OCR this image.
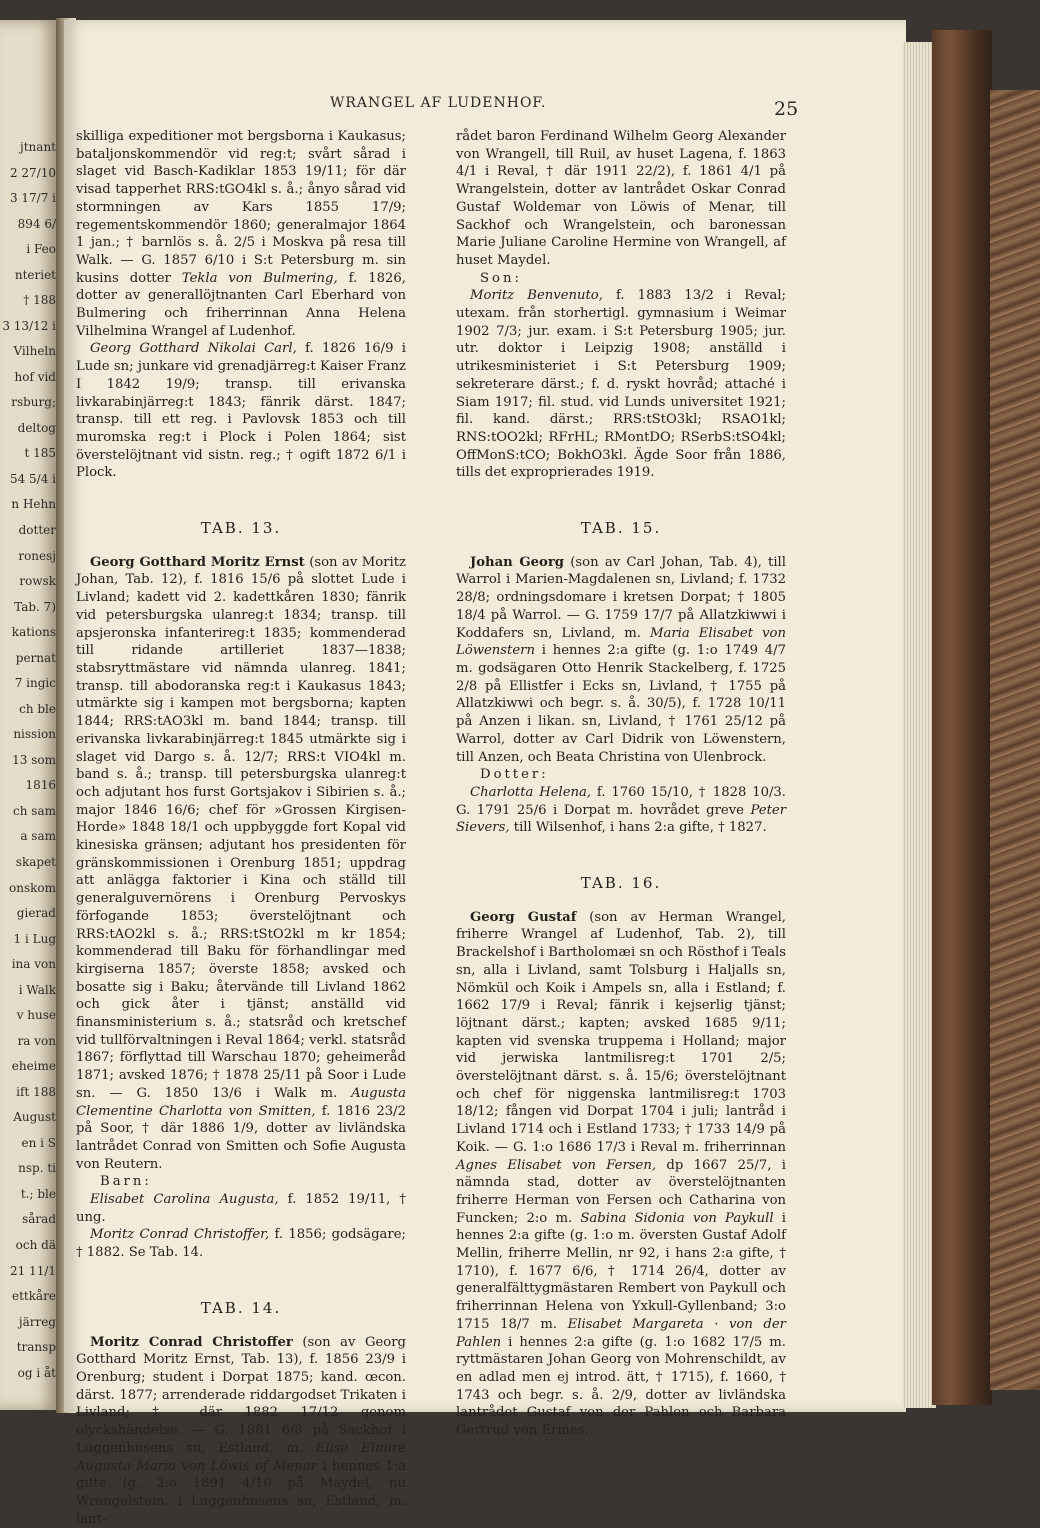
jtnant
2 27/10
3 17/7 i
894 6/
i Feo
nteriet
† 188
3 13/12 i
Vilheln
hof vid
rsburg;
deltog
t 185
54 5/4 i
n Hehn
dotter
ronesj
rowsk
Tab. 7)
kations
pernat
7 ingic
ch ble
nission
13 som
1816
ch sam
a sam
skapet
onskom
gierad
1 i Lug
ina von
i Walk
v huse
ra von
eheime
ift 188
August
en i S
nsp. ti
t.; ble
sårad
och dä
21 11/1
ettkåre
järreg
transp
og i åt
WRANGEL AF LUDENHOF.	25

skilliga expeditioner mot bergsborna i Kaukasus; bataljonskommendör vid reg:t; svårt sårad i slaget vid Basch-Kadiklar 1853 19/11; för där visad tapperhet RRS:tGO4kl s. å.; ånyo sårad vid stormningen av Kars 1855 17/9; regementskommendör 1860; generalmajor 1864 1 jan.; † barnlös s. å. 2/5 i Moskva på resa till Walk. — G. 1857 6/10 i S:t Petersburg m. sin kusins dotter Tekla von Bulmering, f. 1826, dotter av generallöjtnanten Carl Eberhard von Bulmering och friherrinnan Anna Helena Vilhelmina Wrangel af Ludenhof.

Georg Gotthard Nikolai Carl, f. 1826 16/9 i Lude sn; junkare vid grenadjärreg:t Kaiser Franz I 1842 19/9; transp. till erivanska livkarabinjärreg:t 1843; fänrik därst. 1847; transp. till ett reg. i Pavlovsk 1853 och till muromska reg:t i Plock i Polen 1864; sist överstelöjtnant vid sistn. reg.; † ogift 1872 6/1 i Plock.

TAB. 13.

Georg Gotthard Moritz Ernst (son av Moritz Johan, Tab. 12), f. 1816 15/6 på slottet Lude i Livland; kadett vid 2. kadettkåren 1830; fänrik vid petersburgska ulanreg:t 1834; transp. till apsjeronska infanterireg:t 1835; kommenderad till ridande artilleriet 1837—1838; stabsryttmästare vid nämnda ulanreg. 1841; transp. till abodoranska reg:t i Kaukasus 1843; utmärkte sig i kampen mot bergsborna; kapten 1844; RRS:tAO3kl m. band 1844; transp. till erivanska livkarabinjärreg:t 1845 utmärkte sig i slaget vid Dargo s. å. 12/7; RRS:t VIO4kl m. band s. å.; transp. till petersburgska ulanreg:t och adjutant hos furst Gortsjakov i Sibirien s. å.; major 1846 16/6; chef för »Grossen Kirgisen-Horde» 1848 18/1 och uppbyggde fort Kopal vid kinesiska gränsen; adjutant hos presidenten för gränskommissionen i Orenburg 1851; uppdrag att anlägga faktorier i Kina och ställd till generalguvernörens i Orenburg Pervoskys förfogande 1853; överstelöjtnant och RRS:tAO2kl s. å.; RRS:tStO2kl m kr 1854; kommenderad till Baku för förhandlingar med kirgiserna 1857; överste 1858; avsked och bosatte sig i Baku; återvände till Livland 1862 och gick åter i tjänst; anställd vid finansministerium s. å.; statsråd och kretschef vid tullförvaltningen i Reval 1864; verkl. statsråd 1867; förflyttad till Warschau 1870; geheimeråd 1871; avsked 1876; † 1878 25/11 på Soor i Lude sn. — G. 1850 13/6 i Walk m. Augusta Clementine Charlotta von Smitten, f. 1816 23/2 på Soor, † där 1886 1/9, dotter av livländska lantrådet Conrad von Smitten och Sofie Augusta von Reutern.

Barn:

Elisabet Carolina Augusta, f. 1852 19/11, † ung.

Moritz Conrad Christoffer, f. 1856; godsägare; † 1882. Se Tab. 14.

TAB. 14.

Moritz Conrad Christoffer (son av Georg Gotthard Moritz Ernst, Tab. 13), f. 1856 23/9 i Orenburg; student i Dorpat 1875; kand. œcon. därst. 1877; arrenderade riddargodset Trikaten i Livland; † där 1882 17/12 genom olyckshändelse. — G. 1881 6/8 på Sackhof i Luggenhusens sn, Estland, m. Elise Elmire Augusta Maria von Löwis of Menar i hennes 1:a gifte (g. 2:o 1891 4/10 på Maydel, nu Wrangelstein, i Luggenhusens sn, Estland, m. lant-

rådet baron Ferdinand Wilhelm Georg Alexander von Wrangell, till Ruil, av huset Lagena, f. 1863 4/1 i Reval, † där 1911 22/2), f. 1861 4/1 på Wrangelstein, dotter av lantrådet Oskar Conrad Gustaf Woldemar von Löwis of Menar, till Sackhof och Wrangelstein, och baronessan Marie Juliane Caroline Hermine von Wrangell, af huset Maydel.

Son:

Moritz Benvenuto, f. 1883 13/2 i Reval; utexam. från storhertigl. gymnasium i Weimar 1902 7/3; jur. exam. i S:t Petersburg 1905; jur. utr. doktor i Leipzig 1908; anställd i utrikesministeriet i S:t Petersburg 1909; sekreterare därst.; f. d. ryskt hovråd; attaché i Siam 1917; fil. stud. vid Lunds universitet 1921; fil. kand. därst.; RRS:tStO3kl; RSAO1kl; RNS:tOO2kl; RFrHL; RMontDO; RSerbS:tSO4kl; OffMonS:tCO; BokhO3kl. Ägde Soor från 1886, tills det exproprierades 1919.

TAB. 15.

Johan Georg (son av Carl Johan, Tab. 4), till Warrol i Marien-Magdalenen sn, Livland; f. 1732 28/8; ordningsdomare i kretsen Dorpat; † 1805 18/4 på Warrol. — G. 1759 17/7 på Allatzkiwwi i Koddafers sn, Livland, m. Maria Elisabet von Löwenstern i hennes 2:a gifte (g. 1:o 1749 4/7 m. godsägaren Otto Henrik Stackelberg, f. 1725 2/8 på Ellistfer i Ecks sn, Livland, † 1755 på Allatzkiwwi och begr. s. å. 30/5), f. 1728 10/11 på Anzen i likan. sn, Livland, † 1761 25/12 på Warrol, dotter av Carl Didrik von Löwenstern, till Anzen, och Beata Christina von Ulenbrock.

Dotter:

Charlotta Helena, f. 1760 15/10, † 1828 10/3. G. 1791 25/6 i Dorpat m. hovrådet greve Peter Sievers, till Wilsenhof, i hans 2:a gifte, † 1827.

TAB. 16.

Georg Gustaf (son av Herman Wrangel, friherre Wrangel af Ludenhof, Tab. 2), till Brackelshof i Bartholomæi sn och Rösthof i Teals sn, alla i Livland, samt Tolsburg i Haljalls sn, Nömkül och Koik i Ampels sn, alla i Estland; f. 1662 17/9 i Reval; fänrik i kejserlig tjänst; löjtnant därst.; kapten; avsked 1685 9/11; kapten vid svenska truppema i Holland; major vid jerwiska lantmilisreg:t 1701 2/5; överstelöjtnant därst. s. å. 15/6; överstelöjtnant och chef för niggenska lantmilisreg:t 1703 18/12; fången vid Dorpat 1704 i juli; lantråd i Livland 1714 och i Estland 1733; † 1733 14/9 på Koik. — G. 1:o 1686 17/3 i Reval m. friherrinnan Agnes Elisabet von Fersen, dp 1667 25/7, i nämnda stad, dotter av överstelöjtnanten friherre Herman von Fersen och Catharina von Funcken; 2:o m. Sabina Sidonia von Paykull i hennes 2:a gifte (g. 1:o m. översten Gustaf Adolf Mellin, friherre Mellin, nr 92, i hans 2:a gifte, † 1710), f. 1677 6/6, † 1714 26/4, dotter av generalfälttygmästaren Rembert von Paykull och friherrinnan Helena von Yxkull-Gyllenband; 3:o 1715 18/7 m. Elisabet Margareta · von der Pahlen i hennes 2:a gifte (g. 1:o 1682 17/5 m. ryttmästaren Johan Georg von Mohrenschildt, av en adlad men ej introd. ätt, † 1715), f. 1660, † 1743 och begr. s. å. 2/9, dotter av livländska lantrådet Gustaf von der Pahlen och Barbara Gertrud von Ermes.
